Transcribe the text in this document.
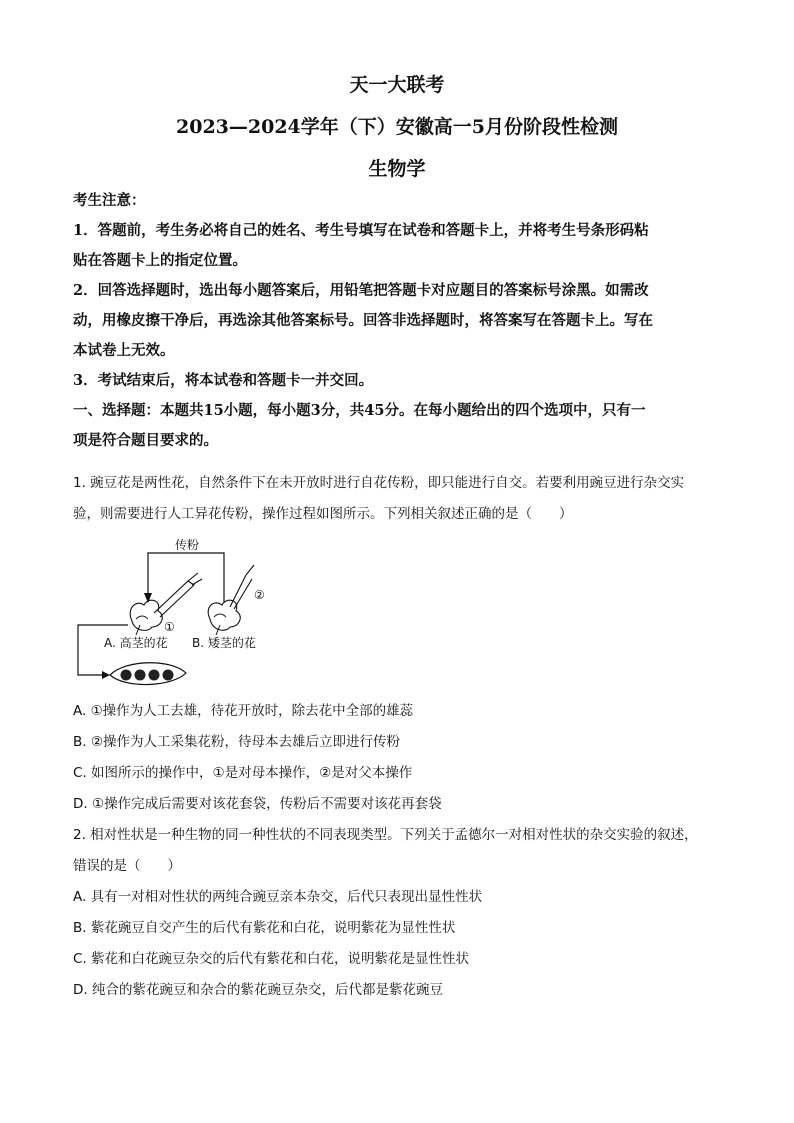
天一大联考
2023—2024学年（下）安徽高一5月份阶段性检测
生物学
考生注意：
1．答题前，考生务必将自己的姓名、考生号填写在试卷和答题卡上，并将考生号条形码粘
贴在答题卡上的指定位置。
2．回答选择题时，选出每小题答案后，用铅笔把答题卡对应题目的答案标号涂黑。如需改
动，用橡皮擦干净后，再选涂其他答案标号。回答非选择题时，将答案写在答题卡上。写在
本试卷上无效。
3．考试结束后，将本试卷和答题卡一并交回。
一、选择题：本题共15小题，每小题3分，共45分。在每小题给出的四个选项中，只有一
项是符合题目要求的。
1. 豌豆花是两性花，自然条件下在未开放时进行自花传粉，即只能进行自交。若要利用豌豆进行杂交实
验，则需要进行人工异花传粉，操作过程如图所示。下列相关叙述正确的是（　　）
传粉
①
②
A. 高茎的花 B. 矮茎的花
A. ①操作为人工去雄，待花开放时，除去花中全部的雄蕊
B. ②操作为人工采集花粉，待母本去雄后立即进行传粉
C. 如图所示的操作中，①是对母本操作，②是对父本操作
D. ①操作完成后需要对该花套袋，传粉后不需要对该花再套袋
2. 相对性状是一种生物的同一种性状的不同表现类型。下列关于孟德尔一对相对性状的杂交实验的叙述，
错误的是（　　）
A. 具有一对相对性状的两纯合豌豆亲本杂交，后代只表现出显性性状
B. 紫花豌豆自交产生的后代有紫花和白花，说明紫花为显性性状
C. 紫花和白花豌豆杂交的后代有紫花和白花，说明紫花是显性性状
D. 纯合的紫花豌豆和杂合的紫花豌豆杂交，后代都是紫花豌豆
